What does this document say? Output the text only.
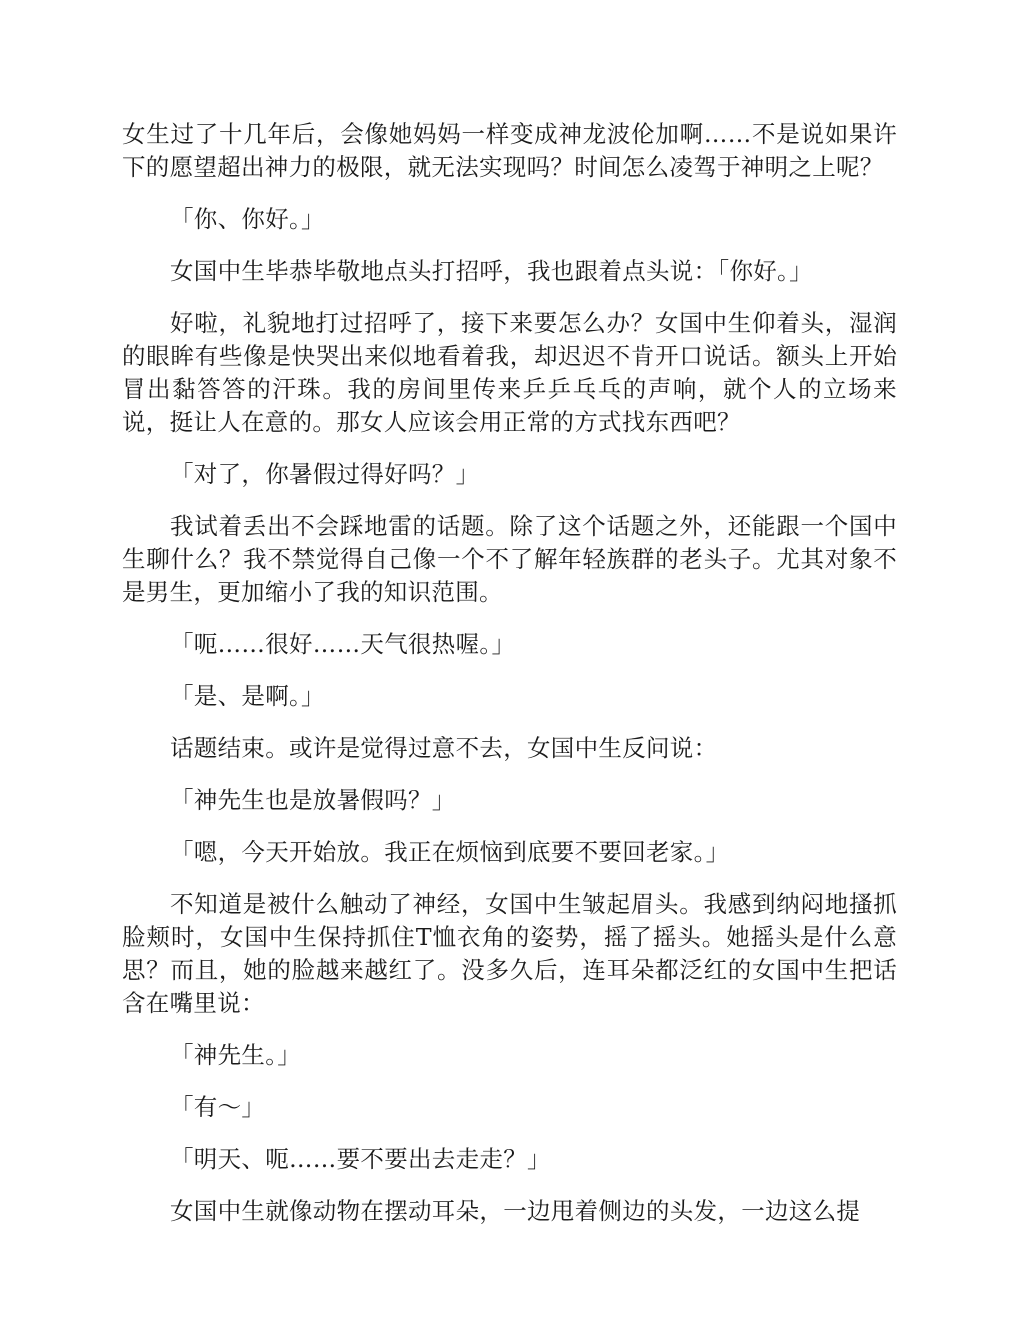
女生过了十几年后，会像她妈妈一样变成神龙波伦加啊……不是说如果许下的愿望超出神力的极限，就无法实现吗？时间怎么凌驾于神明之上呢？

「你、你好。」

女国中生毕恭毕敬地点头打招呼，我也跟着点头说：「你好。」

好啦，礼貌地打过招呼了，接下来要怎么办？女国中生仰着头，湿润的眼眸有些像是快哭出来似地看着我，却迟迟不肯开口说话。额头上开始冒出黏答答的汗珠。我的房间里传来乒乒乓乓的声响，就个人的立场来说，挺让人在意的。那女人应该会用正常的方式找东西吧？

「对了，你暑假过得好吗？」

我试着丢出不会踩地雷的话题。除了这个话题之外，还能跟一个国中生聊什么？我不禁觉得自己像一个不了解年轻族群的老头子。尤其对象不是男生，更加缩小了我的知识范围。

「呃……很好……天气很热喔。」

「是、是啊。」

话题结束。或许是觉得过意不去，女国中生反问说：

「神先生也是放暑假吗？」

「嗯，今天开始放。我正在烦恼到底要不要回老家。」

不知道是被什么触动了神经，女国中生皱起眉头。我感到纳闷地搔抓脸颊时，女国中生保持抓住T恤衣角的姿势，摇了摇头。她摇头是什么意思？而且，她的脸越来越红了。没多久后，连耳朵都泛红的女国中生把话含在嘴里说：

「神先生。」

「有～」

「明天、呃……要不要出去走走？」

女国中生就像动物在摆动耳朵，一边甩着侧边的头发，一边这么提
